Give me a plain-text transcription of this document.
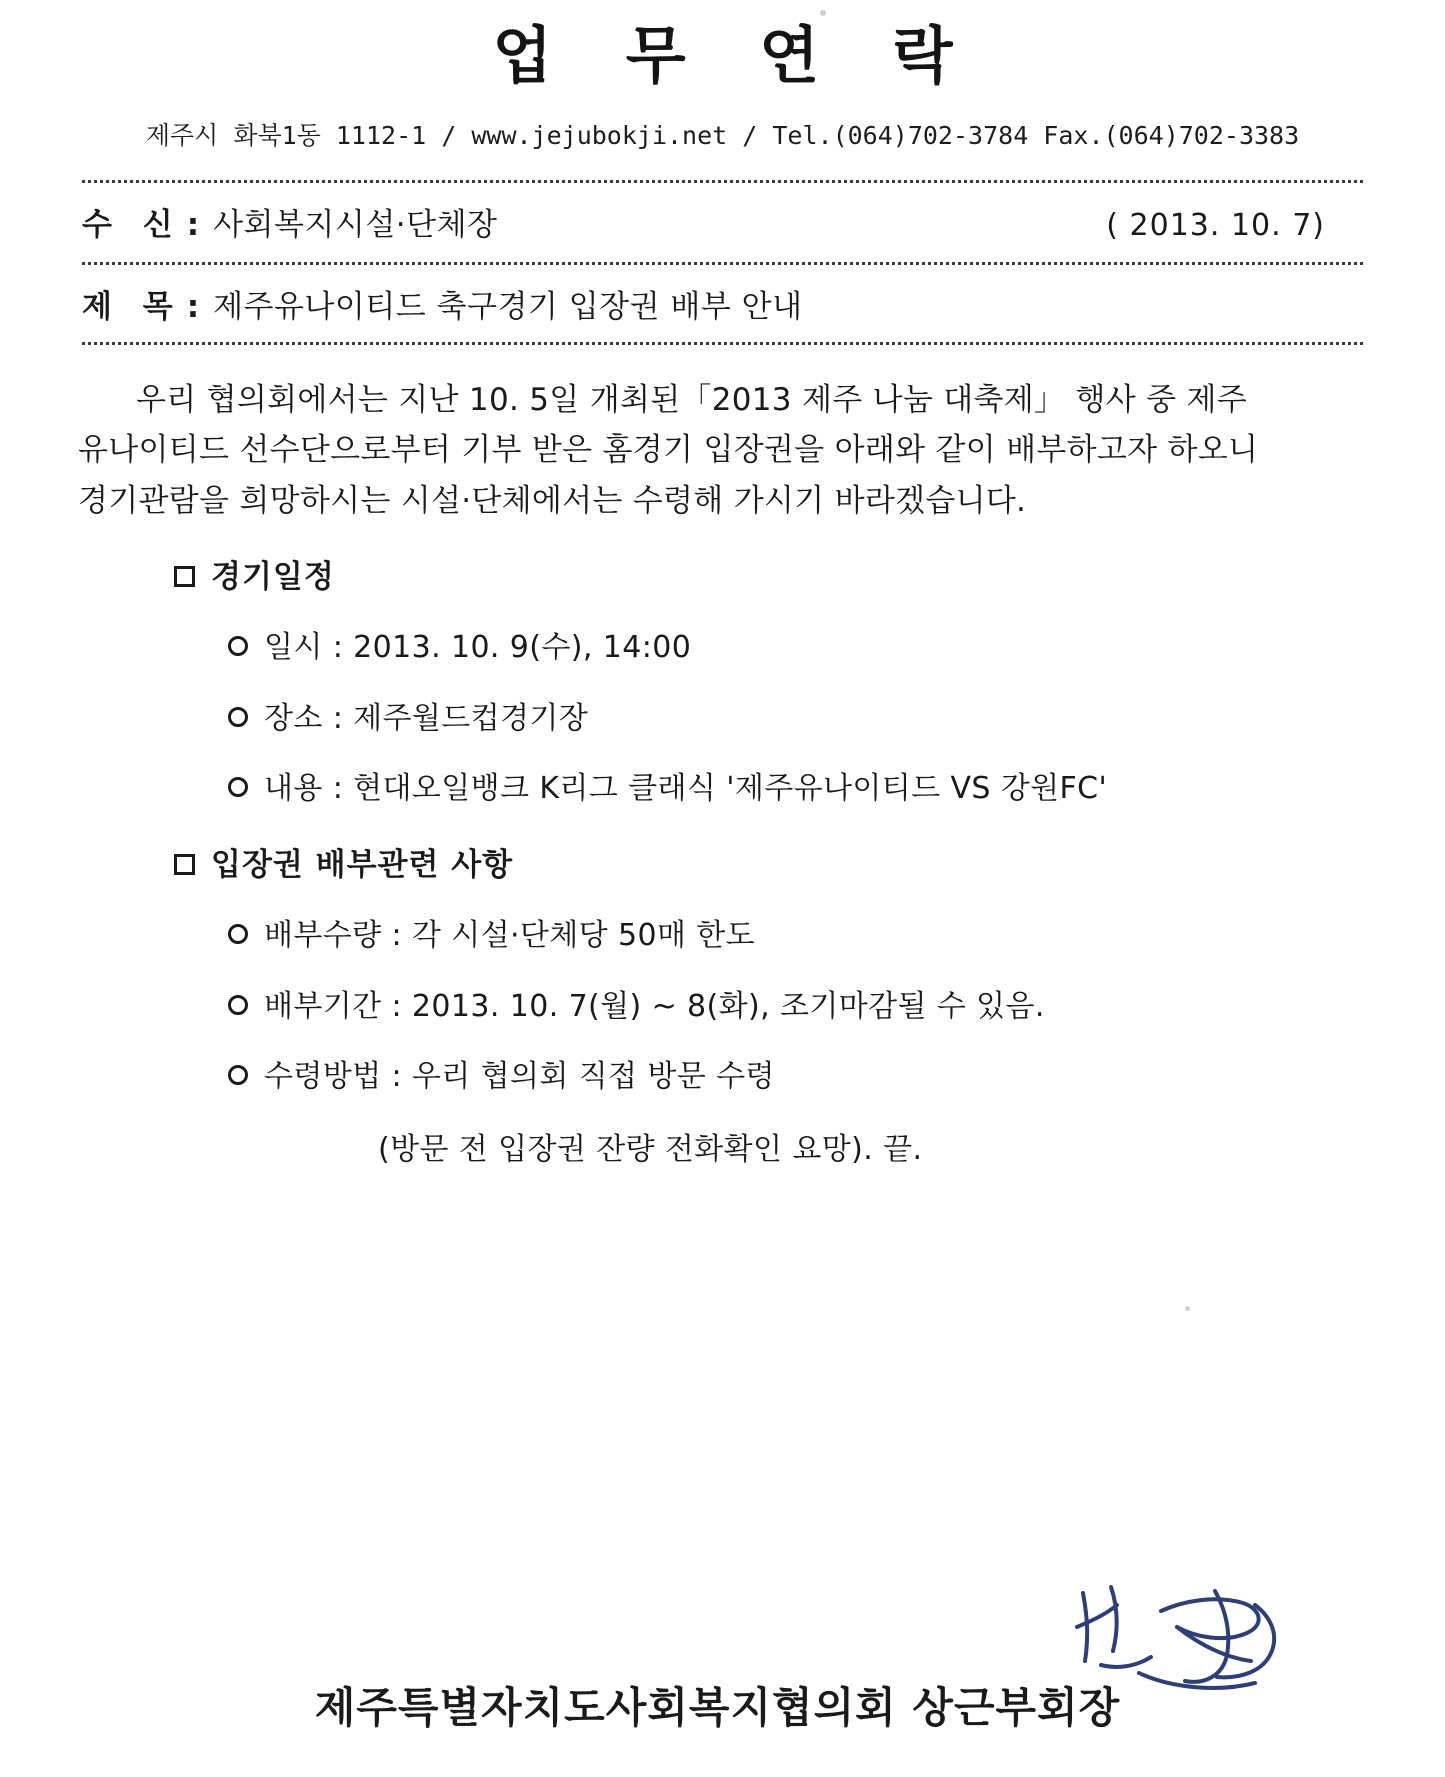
업 무 연 락
제주시 화북1동 1112-1 / www.jejubokji.net / Tel.(064)702-3784 Fax.(064)702-3383
수 신 : 사회복지시설·단체장	( 2013. 10. 7)
제 목 : 제주유나이티드 축구경기 입장권 배부 안내
우리 협의회에서는 지난 10. 5일 개최된「2013 제주 나눔 대축제」 행사 중 제주 유나이티드 선수단으로부터 기부 받은 홈경기 입장권을 아래와 같이 배부하고자 하오니 경기관람을 희망하시는 시설·단체에서는 수령해 가시기 바라겠습니다.
경기일정
일시 : 2013. 10. 9(수), 14:00
장소 : 제주월드컵경기장
내용 : 현대오일뱅크 K리그 클래식 '제주유나이티드 VS 강원FC'
입장권 배부관련 사항
배부수량 : 각 시설·단체당 50매 한도
배부기간 : 2013. 10. 7(월) ~ 8(화), 조기마감될 수 있음.
수령방법 : 우리 협의회 직접 방문 수령
(방문 전 입장권 잔량 전화확인 요망). 끝.
제주특별자치도사회복지협의회 상근부회장
